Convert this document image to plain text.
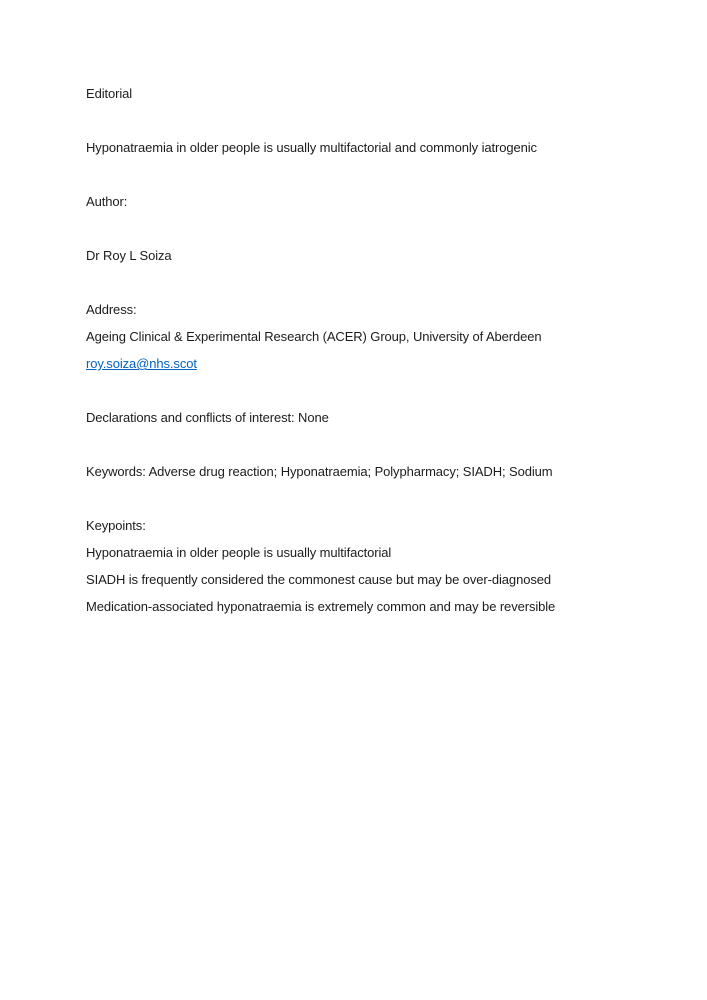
Editorial

Hyponatraemia in older people is usually multifactorial and commonly iatrogenic

Author:

Dr Roy L Soiza

Address:

Ageing Clinical & Experimental Research (ACER) Group, University of Aberdeen

roy.soiza@nhs.scot

Declarations and conflicts of interest: None

Keywords: Adverse drug reaction; Hyponatraemia; Polypharmacy; SIADH; Sodium

Keypoints:

Hyponatraemia in older people is usually multifactorial

SIADH is frequently considered the commonest cause but may be over-diagnosed

Medication-associated hyponatraemia is extremely common and may be reversible
